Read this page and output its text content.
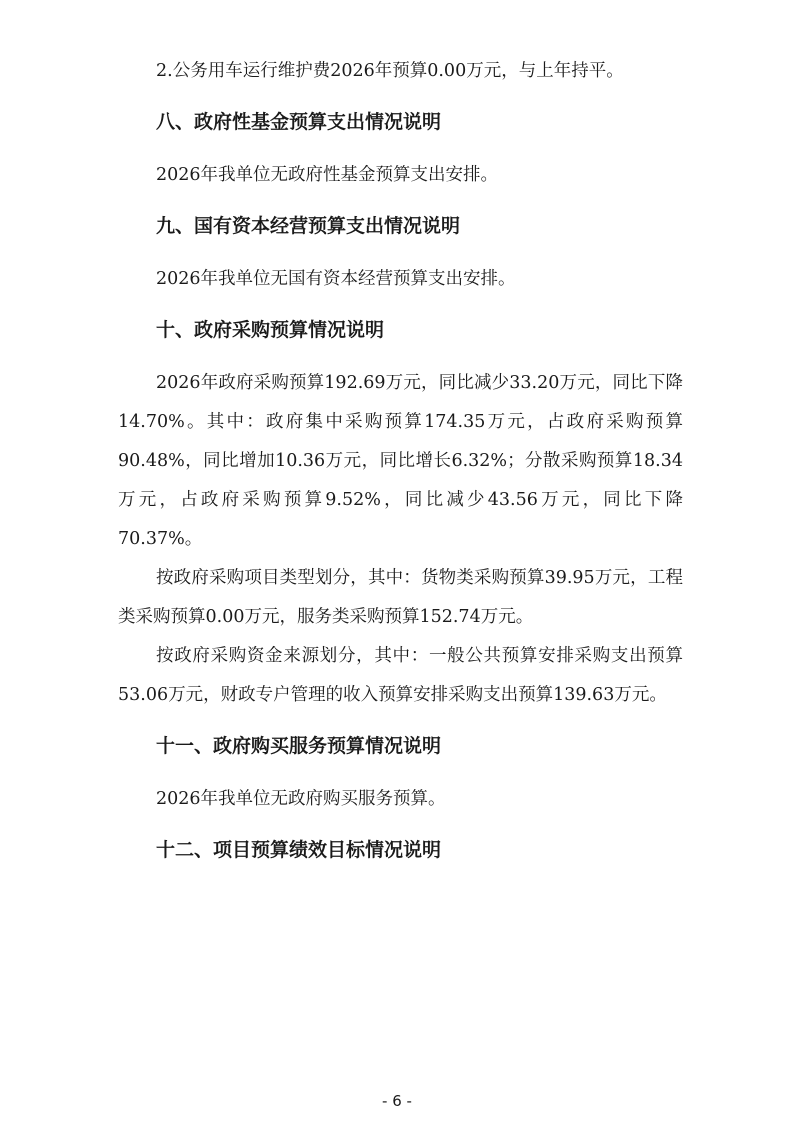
2.公务用车运行维护费2026年预算0.00万元，与上年持平。

八、政府性基金预算支出情况说明

2026年我单位无政府性基金预算支出安排。

九、国有资本经营预算支出情况说明

2026年我单位无国有资本经营预算支出安排。

十、政府采购预算情况说明

2026年政府采购预算192.69万元，同比减少33.20万元，同比下降14.70%。其中：政府集中采购预算174.35万元，占政府采购预算90.48%，同比增加10.36万元，同比增长6.32%；分散采购预算18.34万元，占政府采购预算9.52%，同比减少43.56万元，同比下降70.37%。

按政府采购项目类型划分，其中：货物类采购预算39.95万元，工程类采购预算0.00万元，服务类采购预算152.74万元。

按政府采购资金来源划分，其中：一般公共预算安排采购支出预算53.06万元，财政专户管理的收入预算安排采购支出预算139.63万元。

十一、政府购买服务预算情况说明

2026年我单位无政府购买服务预算。

十二、项目预算绩效目标情况说明
- 6 -
